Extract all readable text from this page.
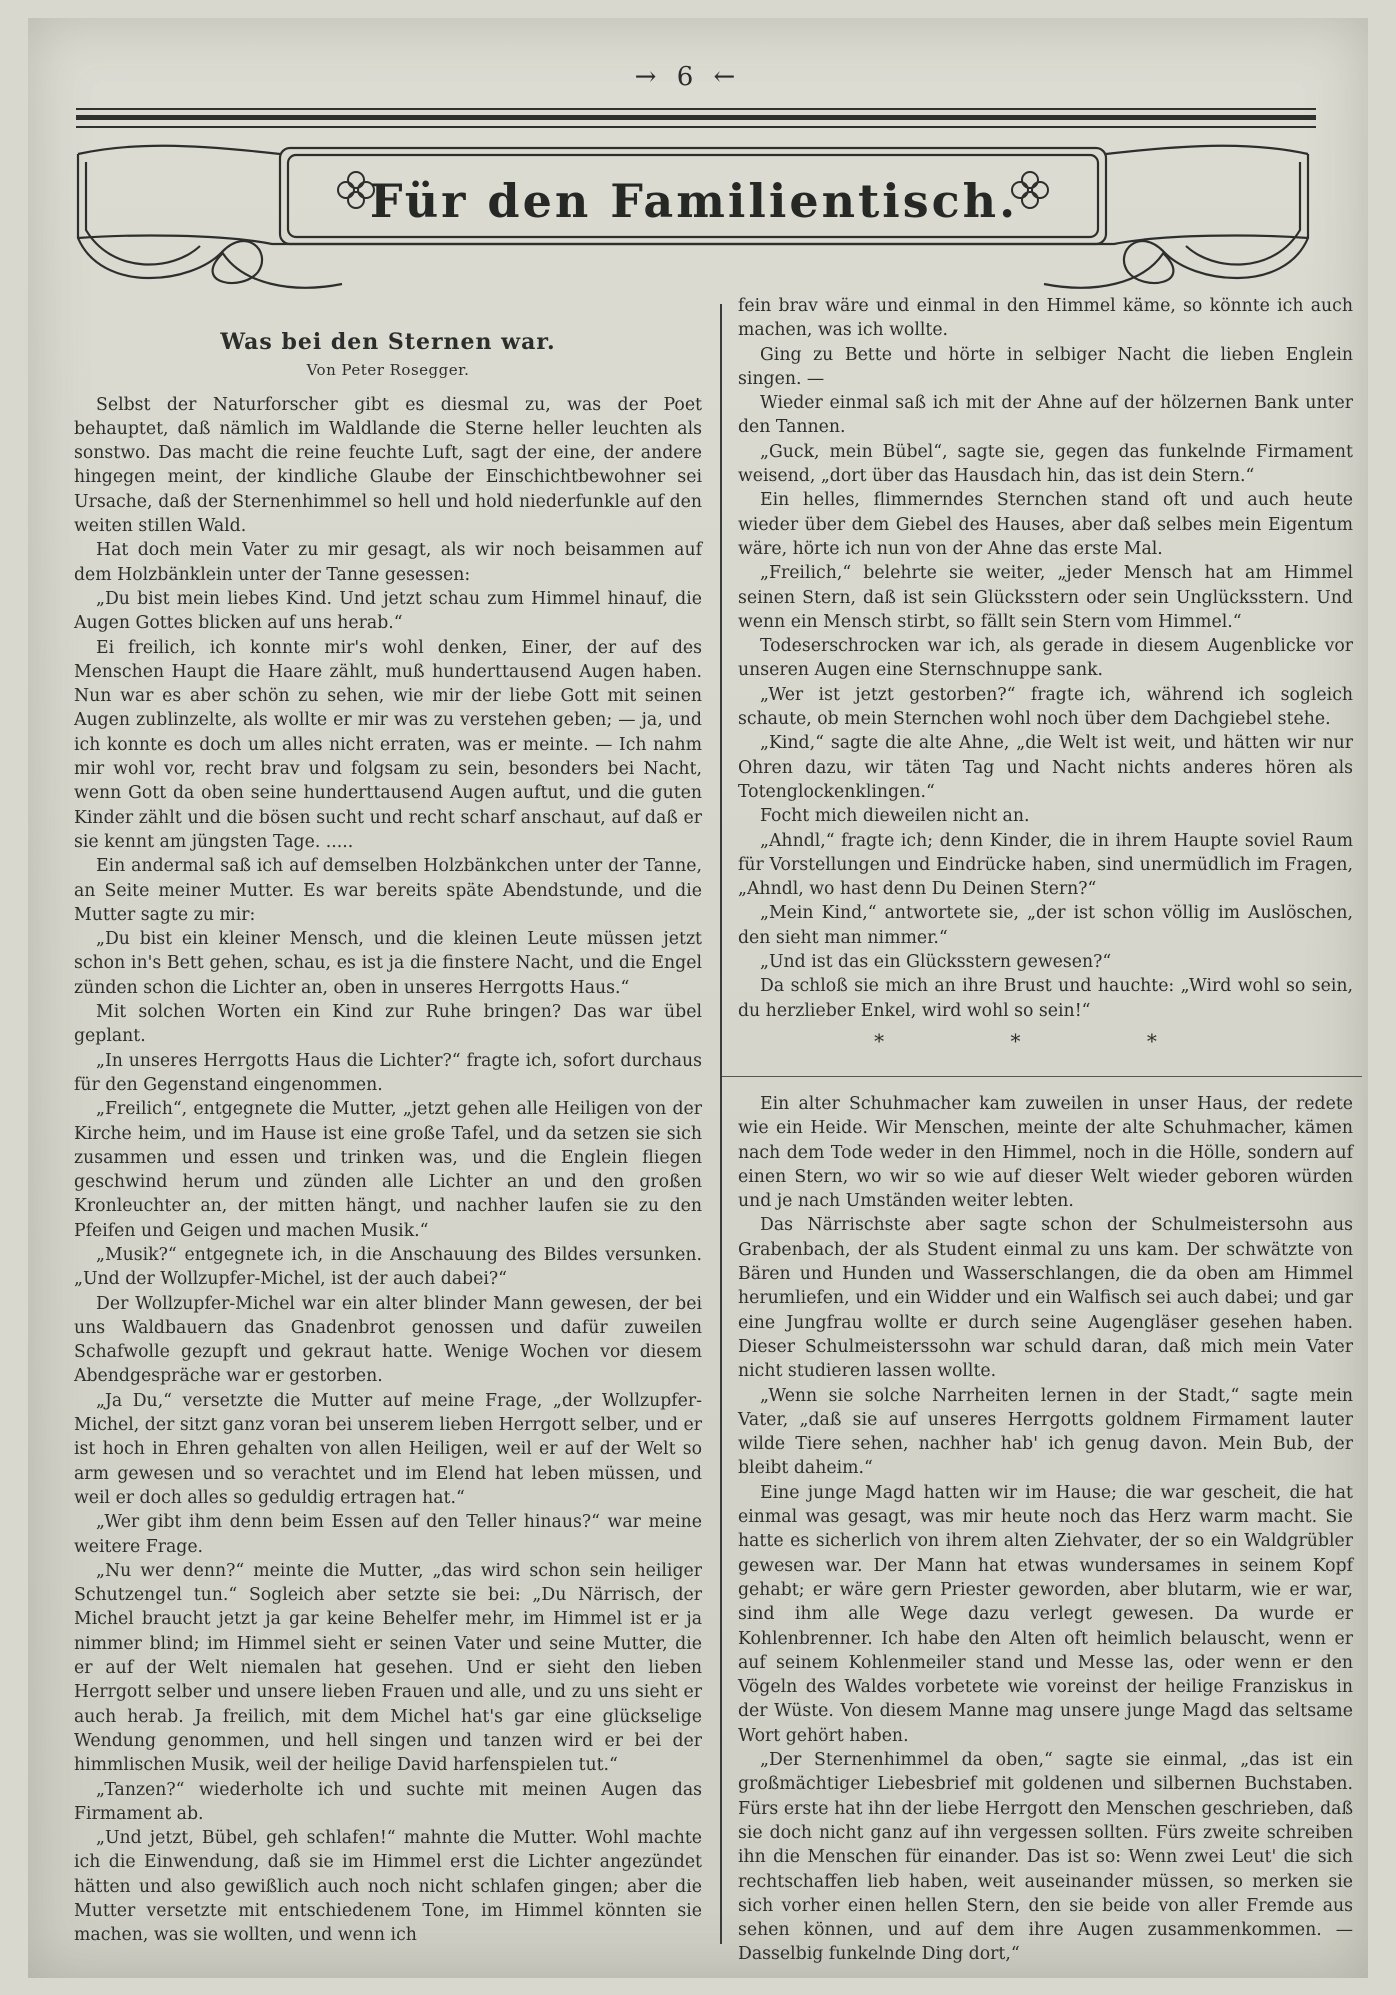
→ 6 ←
Für den Familientisch.
Was bei den Sternen war.
Von Peter Rosegger.

Selbst der Naturforscher gibt es diesmal zu, was der Poet behauptet, daß nämlich im Waldlande die Sterne heller leuchten als sonstwo. Das macht die reine feuchte Luft, sagt der eine, der andere hingegen meint, der kindliche Glaube der Einschichtbewohner sei Ursache, daß der Sternenhimmel so hell und hold niederfunkle auf den weiten stillen Wald.

Hat doch mein Vater zu mir gesagt, als wir noch beisammen auf dem Holzbänklein unter der Tanne gesessen:

„Du bist mein liebes Kind. Und jetzt schau zum Himmel hinauf, die Augen Gottes blicken auf uns herab.“

Ei freilich, ich konnte mir's wohl denken, Einer, der auf des Menschen Haupt die Haare zählt, muß hunderttausend Augen haben. Nun war es aber schön zu sehen, wie mir der liebe Gott mit seinen Augen zublinzelte, als wollte er mir was zu verstehen geben; — ja, und ich konnte es doch um alles nicht erraten, was er meinte. — Ich nahm mir wohl vor, recht brav und folgsam zu sein, besonders bei Nacht, wenn Gott da oben seine hunderttausend Augen auftut, und die guten Kinder zählt und die bösen sucht und recht scharf anschaut, auf daß er sie kennt am jüngsten Tage. .....

Ein andermal saß ich auf demselben Holzbänkchen unter der Tanne, an Seite meiner Mutter. Es war bereits späte Abendstunde, und die Mutter sagte zu mir:

„Du bist ein kleiner Mensch, und die kleinen Leute müssen jetzt schon in's Bett gehen, schau, es ist ja die finstere Nacht, und die Engel zünden schon die Lichter an, oben in unseres Herrgotts Haus.“

Mit solchen Worten ein Kind zur Ruhe bringen? Das war übel geplant.

„In unseres Herrgotts Haus die Lichter?“ fragte ich, sofort durchaus für den Gegenstand eingenommen.

„Freilich“, entgegnete die Mutter, „jetzt gehen alle Heiligen von der Kirche heim, und im Hause ist eine große Tafel, und da setzen sie sich zusammen und essen und trinken was, und die Englein fliegen geschwind herum und zünden alle Lichter an und den großen Kronleuchter an, der mitten hängt, und nachher laufen sie zu den Pfeifen und Geigen und machen Musik.“

„Musik?“ entgegnete ich, in die Anschauung des Bildes versunken. „Und der Wollzupfer-Michel, ist der auch dabei?“

Der Wollzupfer-Michel war ein alter blinder Mann gewesen, der bei uns Waldbauern das Gnadenbrot genossen und dafür zuweilen Schafwolle gezupft und gekraut hatte. Wenige Wochen vor diesem Abendgespräche war er gestorben.

„Ja Du,“ versetzte die Mutter auf meine Frage, „der Wollzupfer-Michel, der sitzt ganz voran bei unserem lieben Herrgott selber, und er ist hoch in Ehren gehalten von allen Heiligen, weil er auf der Welt so arm gewesen und so verachtet und im Elend hat leben müssen, und weil er doch alles so geduldig ertragen hat.“

„Wer gibt ihm denn beim Essen auf den Teller hinaus?“ war meine weitere Frage.

„Nu wer denn?“ meinte die Mutter, „das wird schon sein heiliger Schutzengel tun.“ Sogleich aber setzte sie bei: „Du Närrisch, der Michel braucht jetzt ja gar keine Behelfer mehr, im Himmel ist er ja nimmer blind; im Himmel sieht er seinen Vater und seine Mutter, die er auf der Welt niemalen hat gesehen. Und er sieht den lieben Herrgott selber und unsere lieben Frauen und alle, und zu uns sieht er auch herab. Ja freilich, mit dem Michel hat's gar eine glückselige Wendung genommen, und hell singen und tanzen wird er bei der himmlischen Musik, weil der heilige David harfenspielen tut.“

„Tanzen?“ wiederholte ich und suchte mit meinen Augen das Firmament ab.

„Und jetzt, Bübel, geh schlafen!“ mahnte die Mutter. Wohl machte ich die Einwendung, daß sie im Himmel erst die Lichter angezündet hätten und also gewißlich auch noch nicht schlafen gingen; aber die Mutter versetzte mit entschiedenem Tone, im Himmel könnten sie machen, was sie wollten, und wenn ich

fein brav wäre und einmal in den Himmel käme, so könnte ich auch machen, was ich wollte.

Ging zu Bette und hörte in selbiger Nacht die lieben Englein singen. —

Wieder einmal saß ich mit der Ahne auf der hölzernen Bank unter den Tannen.

„Guck, mein Bübel“, sagte sie, gegen das funkelnde Firmament weisend, „dort über das Hausdach hin, das ist dein Stern.“

Ein helles, flimmerndes Sternchen stand oft und auch heute wieder über dem Giebel des Hauses, aber daß selbes mein Eigentum wäre, hörte ich nun von der Ahne das erste Mal.

„Freilich,“ belehrte sie weiter, „jeder Mensch hat am Himmel seinen Stern, daß ist sein Glücksstern oder sein Unglücksstern. Und wenn ein Mensch stirbt, so fällt sein Stern vom Himmel.“

Todeserschrocken war ich, als gerade in diesem Augenblicke vor unseren Augen eine Sternschnuppe sank.

„Wer ist jetzt gestorben?“ fragte ich, während ich sogleich schaute, ob mein Sternchen wohl noch über dem Dachgiebel stehe.

„Kind,“ sagte die alte Ahne, „die Welt ist weit, und hätten wir nur Ohren dazu, wir täten Tag und Nacht nichts anderes hören als Totenglockenklingen.“

Focht mich dieweilen nicht an.

„Ahndl,“ fragte ich; denn Kinder, die in ihrem Haupte soviel Raum für Vorstellungen und Eindrücke haben, sind unermüdlich im Fragen, „Ahndl, wo hast denn Du Deinen Stern?“

„Mein Kind,“ antwortete sie, „der ist schon völlig im Auslöschen, den sieht man nimmer.“

„Und ist das ein Glücksstern gewesen?“

Da schloß sie mich an ihre Brust und hauchte: „Wird wohl so sein, du herzlieber Enkel, wird wohl so sein!“

* * *

Ein alter Schuhmacher kam zuweilen in unser Haus, der redete wie ein Heide. Wir Menschen, meinte der alte Schuhmacher, kämen nach dem Tode weder in den Himmel, noch in die Hölle, sondern auf einen Stern, wo wir so wie auf dieser Welt wieder geboren würden und je nach Umständen weiter lebten.

Das Närrischste aber sagte schon der Schulmeistersohn aus Grabenbach, der als Student einmal zu uns kam. Der schwätzte von Bären und Hunden und Wasserschlangen, die da oben am Himmel herumliefen, und ein Widder und ein Walfisch sei auch dabei; und gar eine Jungfrau wollte er durch seine Augengläser gesehen haben. Dieser Schulmeisterssohn war schuld daran, daß mich mein Vater nicht studieren lassen wollte.

„Wenn sie solche Narrheiten lernen in der Stadt,“ sagte mein Vater, „daß sie auf unseres Herrgotts goldnem Firmament lauter wilde Tiere sehen, nachher hab' ich genug davon. Mein Bub, der bleibt daheim.“

Eine junge Magd hatten wir im Hause; die war gescheit, die hat einmal was gesagt, was mir heute noch das Herz warm macht. Sie hatte es sicherlich von ihrem alten Ziehvater, der so ein Waldgrübler gewesen war. Der Mann hat etwas wundersames in seinem Kopf gehabt; er wäre gern Priester geworden, aber blutarm, wie er war, sind ihm alle Wege dazu verlegt gewesen. Da wurde er Kohlenbrenner. Ich habe den Alten oft heimlich belauscht, wenn er auf seinem Kohlenmeiler stand und Messe las, oder wenn er den Vögeln des Waldes vorbetete wie voreinst der heilige Franziskus in der Wüste. Von diesem Manne mag unsere junge Magd das seltsame Wort gehört haben.

„Der Sternenhimmel da oben,“ sagte sie einmal, „das ist ein großmächtiger Liebesbrief mit goldenen und silbernen Buchstaben. Fürs erste hat ihn der liebe Herrgott den Menschen geschrieben, daß sie doch nicht ganz auf ihn vergessen sollten. Fürs zweite schreiben ihn die Menschen für einander. Das ist so: Wenn zwei Leut' die sich rechtschaffen lieb haben, weit auseinander müssen, so merken sie sich vorher einen hellen Stern, den sie beide von aller Fremde aus sehen können, und auf dem ihre Augen zusammenkommen. — Dasselbig funkelnde Ding dort,“
